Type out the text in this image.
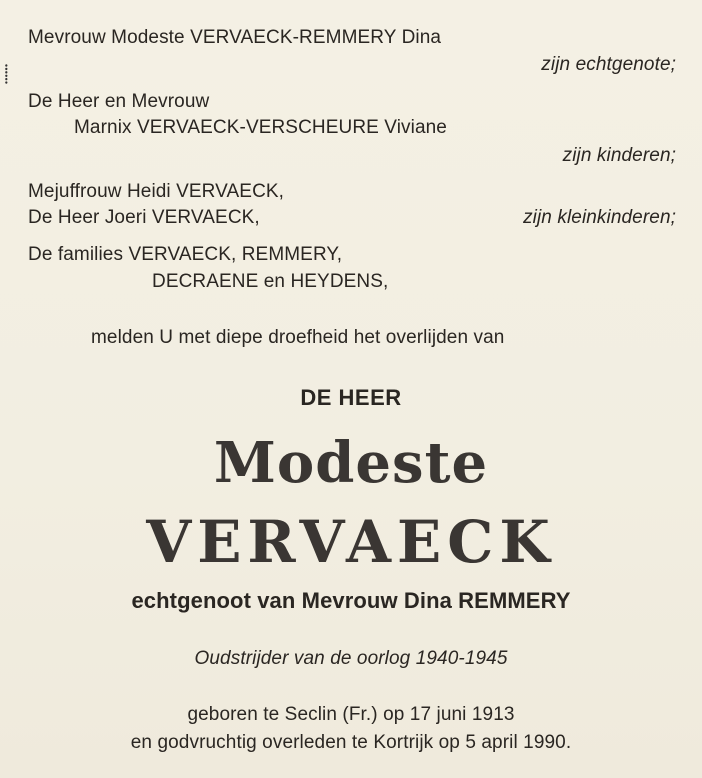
⸽
Mevrouw Modeste VERVAECK-REMMERY Dina
zijn echtgenote;
De Heer en Mevrouw
Marnix VERVAECK-VERSCHEURE Viviane
zijn kinderen;
Mejuffrouw Heidi VERVAECK,
De Heer Joeri VERVAECK,	zijn kleinkinderen;
De families VERVAECK, REMMERY,
DECRAENE en HEYDENS,
melden U met diepe droefheid het overlijden van
DE HEER
Modeste
VERVAECK
echtgenoot van Mevrouw Dina REMMERY
Oudstrijder van de oorlog 1940-1945
geboren te Seclin (Fr.) op 17 juni 1913
en godvruchtig overleden te Kortrijk op 5 april 1990.
